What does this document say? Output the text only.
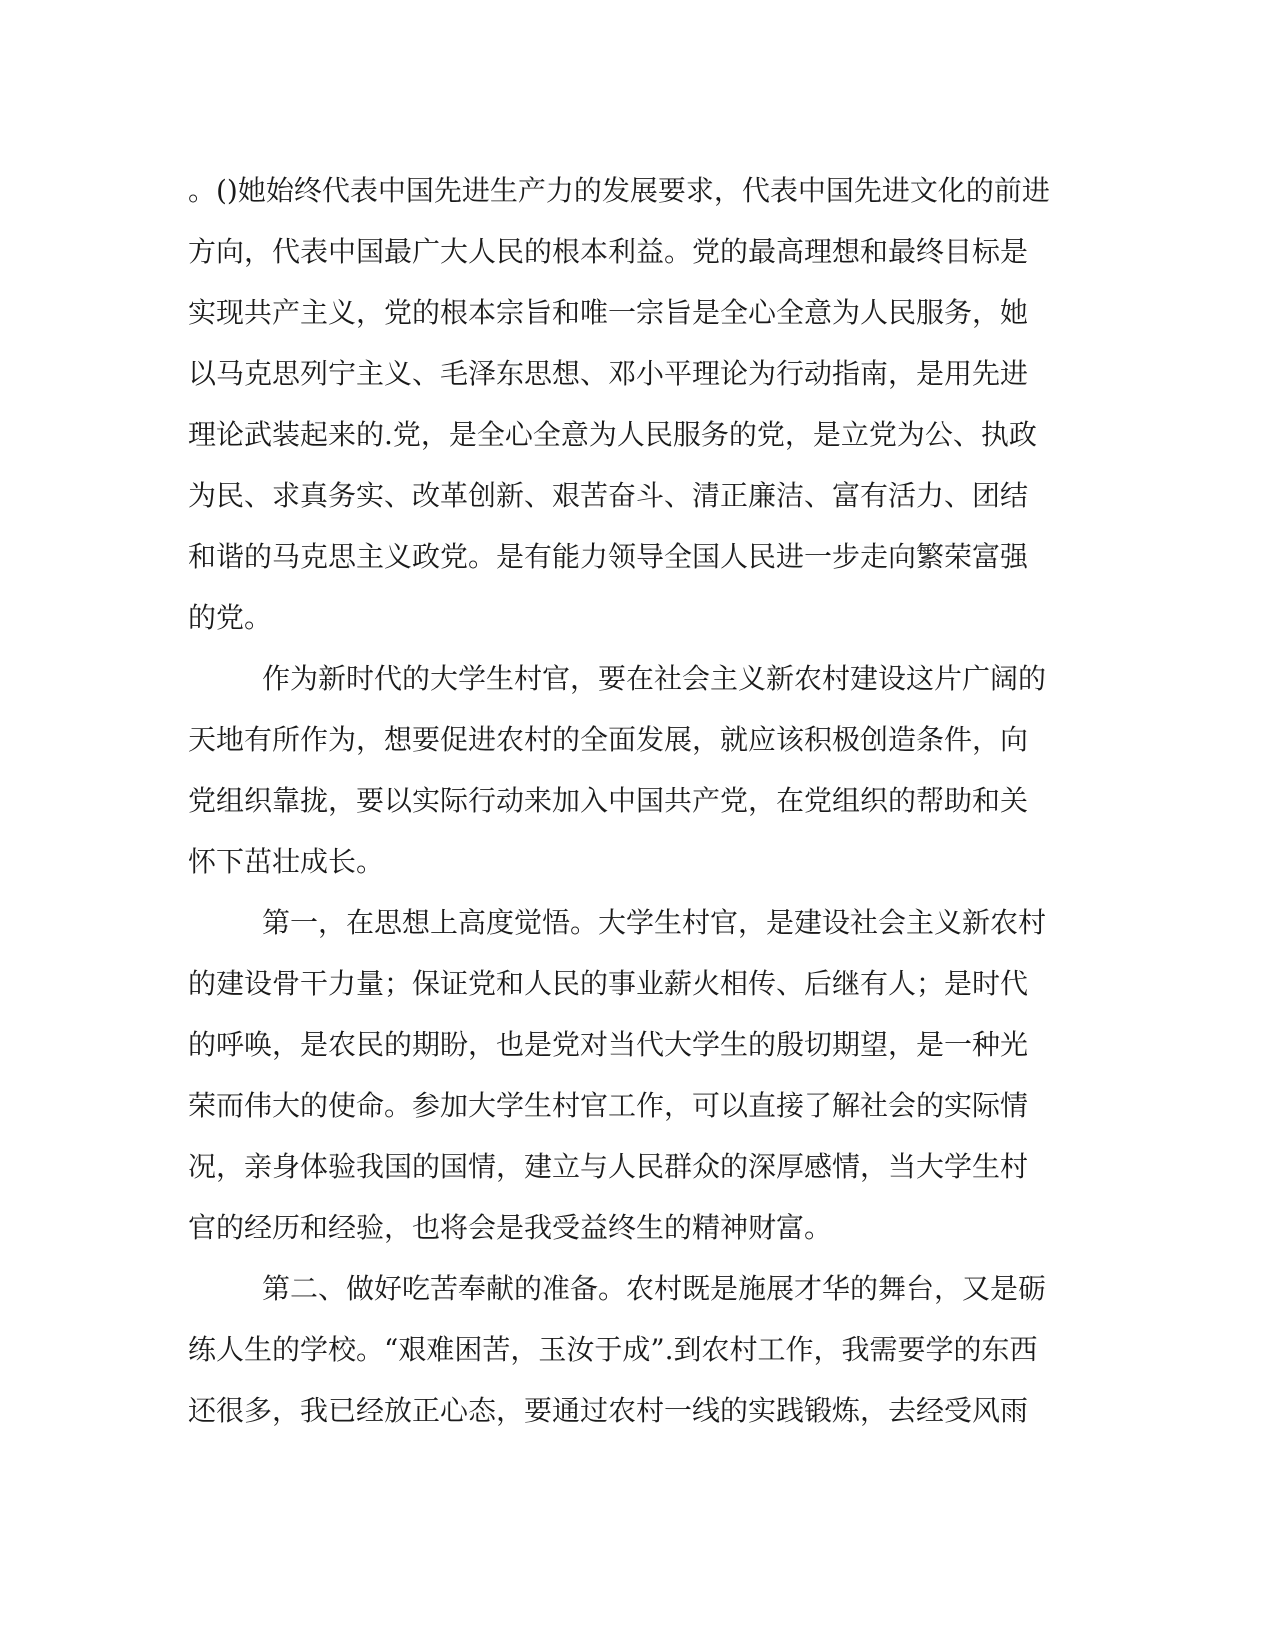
。()她始终代表中国先进生产力的发展要求，代表中国先进文化的前进
方向，代表中国最广大人民的根本利益。党的最高理想和最终目标是
实现共产主义，党的根本宗旨和唯一宗旨是全心全意为人民服务，她
以马克思列宁主义、毛泽东思想、邓小平理论为行动指南，是用先进
理论武装起来的.党，是全心全意为人民服务的党，是立党为公、执政
为民、求真务实、改革创新、艰苦奋斗、清正廉洁、富有活力、团结
和谐的马克思主义政党。是有能力领导全国人民进一步走向繁荣富强
的党。
作为新时代的大学生村官，要在社会主义新农村建设这片广阔的
天地有所作为，想要促进农村的全面发展，就应该积极创造条件，向
党组织靠拢，要以实际行动来加入中国共产党，在党组织的帮助和关
怀下茁壮成长。
第一，在思想上高度觉悟。大学生村官，是建设社会主义新农村
的建设骨干力量；保证党和人民的事业薪火相传、后继有人；是时代
的呼唤，是农民的期盼，也是党对当代大学生的殷切期望，是一种光
荣而伟大的使命。参加大学生村官工作，可以直接了解社会的实际情
况，亲身体验我国的国情，建立与人民群众的深厚感情，当大学生村
官的经历和经验，也将会是我受益终生的精神财富。
第二、做好吃苦奉献的准备。农村既是施展才华的舞台，又是砺
练人生的学校。“艰难困苦，玉汝于成”.到农村工作，我需要学的东西
还很多，我已经放正心态，要通过农村一线的实践锻炼，去经受风雨
